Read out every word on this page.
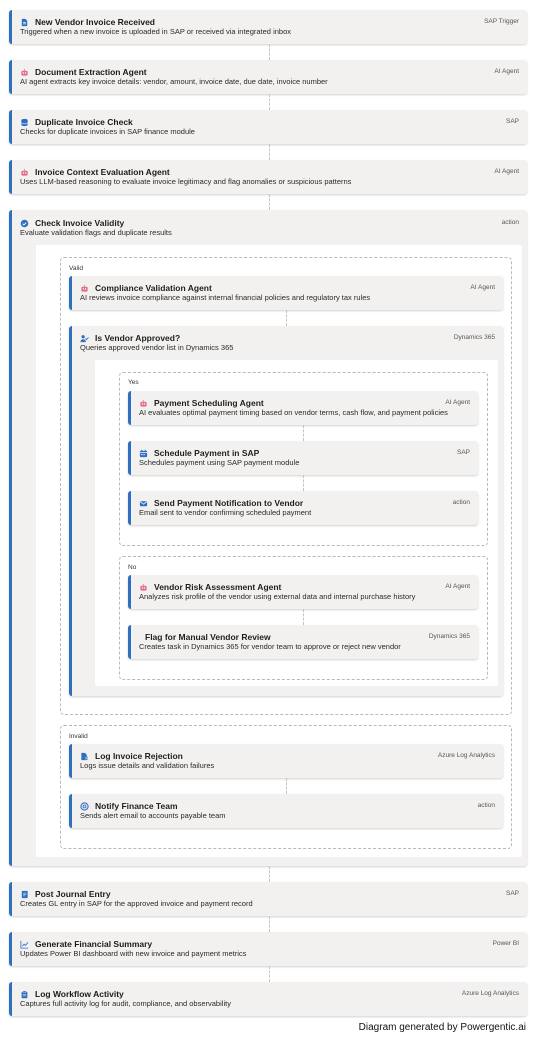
New Vendor Invoice Received
Triggered when a new invoice is uploaded in SAP or received via integrated inbox
SAP Trigger
Document Extraction Agent
AI agent extracts key invoice details: vendor, amount, invoice date, due date, invoice number
AI Agent
Duplicate Invoice Check
Checks for duplicate invoices in SAP finance module
SAP
Invoice Context Evaluation Agent
Uses LLM-based reasoning to evaluate invoice legitimacy and flag anomalies or suspicious patterns
AI Agent
Check Invoice Validity
Evaluate validation flags and duplicate results
action
Valid
Compliance Validation Agent
AI reviews invoice compliance against internal financial policies and regulatory tax rules
AI Agent
Is Vendor Approved?
Queries approved vendor list in Dynamics 365
Dynamics 365
Yes
Payment Scheduling Agent
AI evaluates optimal payment timing based on vendor terms, cash flow, and payment policies
AI Agent
Schedule Payment in SAP
Schedules payment using SAP payment module
SAP
Send Payment Notification to Vendor
Email sent to vendor confirming scheduled payment
action
No
Vendor Risk Assessment Agent
Analyzes risk profile of the vendor using external data and internal purchase history
AI Agent
Flag for Manual Vendor Review
Creates task in Dynamics 365 for vendor team to approve or reject new vendor
Dynamics 365
Invalid
Log Invoice Rejection
Logs issue details and validation failures
Azure Log Analytics
Notify Finance Team
Sends alert email to accounts payable team
action
Post Journal Entry
Creates GL entry in SAP for the approved invoice and payment record
SAP
Generate Financial Summary
Updates Power BI dashboard with new invoice and payment metrics
Power BI
Log Workflow Activity
Captures full activity log for audit, compliance, and observability
Azure Log Analytics
Diagram generated by Powergentic.ai
